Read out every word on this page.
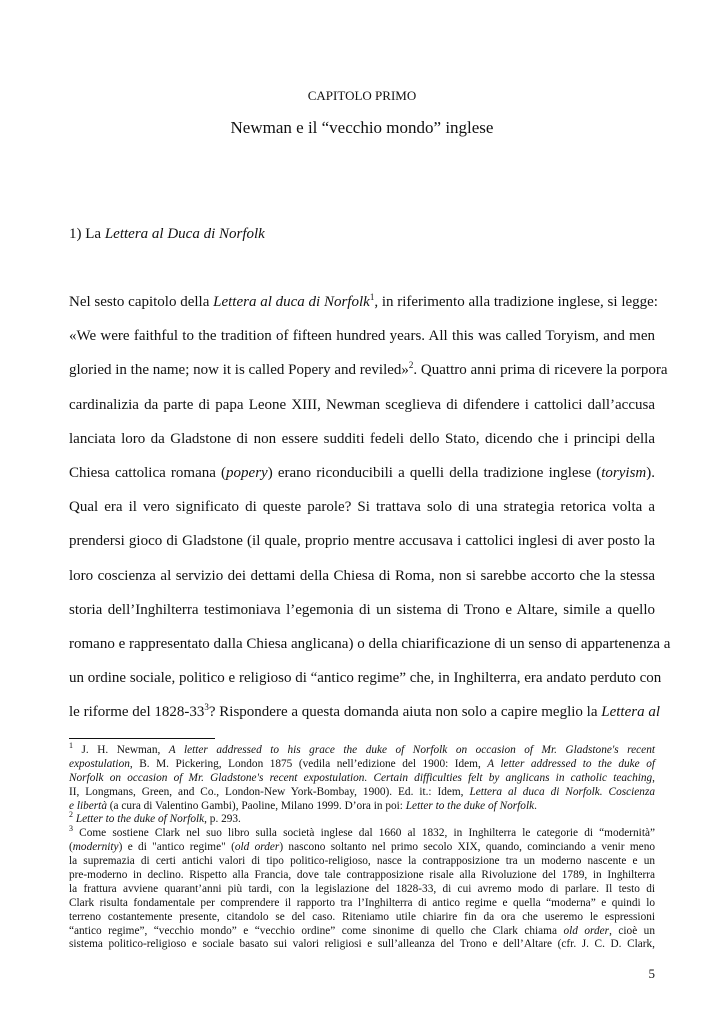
CAPITOLO PRIMO
Newman e il “vecchio mondo” inglese
1) La Lettera al Duca di Norfolk
Nel sesto capitolo della Lettera al duca di Norfolk$^1$, in riferimento alla tradizione inglese, si legge:
«We were faithful to the tradition of fifteen hundred years. All this was called Toryism, and men
gloried in the name; now it is called Popery and reviled»$^2$. Quattro anni prima di ricevere la porpora
cardinalizia da parte di papa Leone XIII, Newman sceglieva di difendere i cattolici dall’accusa
lanciata loro da Gladstone di non essere sudditi fedeli dello Stato, dicendo che i principi della
Chiesa cattolica romana (popery) erano riconducibili a quelli della tradizione inglese (toryism).
Qual era il vero significato di queste parole? Si trattava solo di una strategia retorica volta a
prendersi gioco di Gladstone (il quale, proprio mentre accusava i cattolici inglesi di aver posto la
loro coscienza al servizio dei dettami della Chiesa di Roma, non si sarebbe accorto che la stessa
storia dell’Inghilterra testimoniava l’egemonia di un sistema di Trono e Altare, simile a quello
romano e rappresentato dalla Chiesa anglicana) o della chiarificazione di un senso di appartenenza a
un ordine sociale, politico e religioso di “antico regime” che, in Inghilterra, era andato perduto con
le riforme del $1828-33^3$? Rispondere a questa domanda aiuta non solo a capire meglio la Lettera al
$^1$ J. H. Newman, A letter addressed to his grace the duke of Norfolk on occasion of Mr. Gladstone's recent
expostulation, B. M. Pickering, London 1875 (vedila nell’edizione del 1900: Idem, A letter addressed to the duke of
Norfolk on occasion of Mr. Gladstone's recent expostulation. Certain difficulties felt by anglicans in catholic teaching,
II, Longmans, Green, and Co., London-New York-Bombay, 1900). Ed. it.: Idem, Lettera al duca di Norfolk. Coscienza
e libertà (a cura di Valentino Gambi), Paoline, Milano 1999. D’ora in poi: Letter to the duke of Norfolk.
$^2$ Letter to the duke of Norfolk, p. 293.
$^3$ Come sostiene Clark nel suo libro sulla società inglese dal 1660 al 1832, in Inghilterra le categorie di “modernità”
(modernity) e di "antico regime" (old order) nascono soltanto nel primo secolo XIX, quando, cominciando a venir meno
la supremazia di certi antichi valori di tipo politico-religioso, nasce la contrapposizione tra un moderno nascente e un
pre-moderno in declino. Rispetto alla Francia, dove tale contrapposizione risale alla Rivoluzione del 1789, in Inghilterra
la frattura avviene quarant’anni più tardi, con la legislazione del 1828-33, di cui avremo modo di parlare. Il testo di
Clark risulta fondamentale per comprendere il rapporto tra l’Inghilterra di antico regime e quella “moderna” e quindi lo
terreno costantemente presente, citandolo se del caso. Riteniamo utile chiarire fin da ora che useremo le espressioni
“antico regime”, “vecchio mondo” e “vecchio ordine” come sinonime di quello che Clark chiama old order, cioè un
sistema politico-religioso e sociale basato sui valori religiosi e sull’alleanza del Trono e dell’Altare (cfr. J. C. D. Clark,
5
